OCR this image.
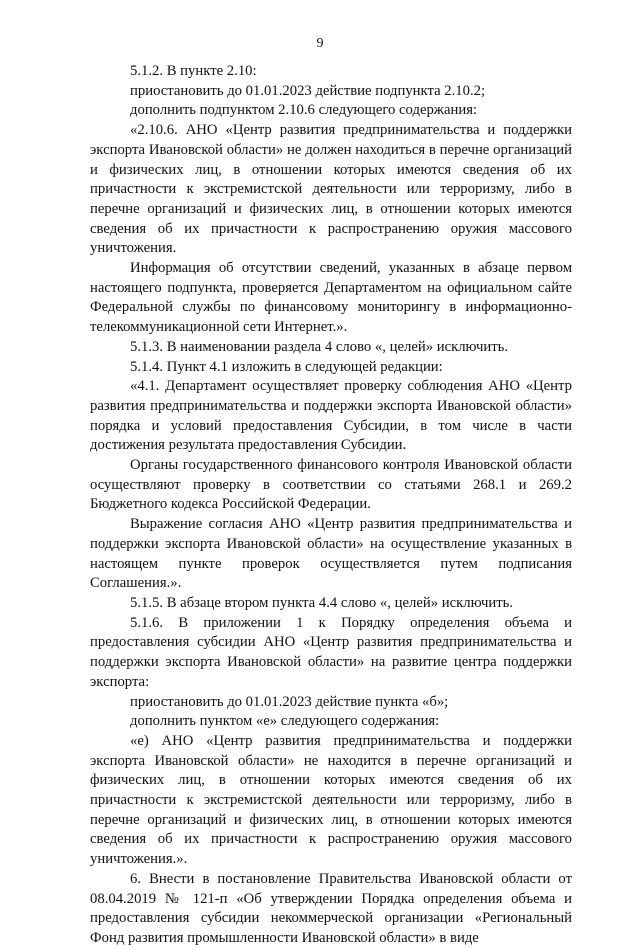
9

5.1.2. В пункте 2.10:

приостановить до 01.01.2023 действие подпункта 2.10.2;

дополнить подпунктом 2.10.6 следующего содержания:

«2.10.6. АНО «Центр развития предпринимательства и поддержки экспорта Ивановской области» не должен находиться в перечне организаций и физических лиц, в отношении которых имеются сведения об их причастности к экстремистской деятельности или терроризму, либо в перечне организаций и физических лиц, в отношении которых имеются сведения об их причастности к распространению оружия массового уничтожения.

Информация об отсутствии сведений, указанных в абзаце первом настоящего подпункта, проверяется Департаментом на официальном сайте Федеральной службы по финансовому мониторингу в информационно-телекоммуникационной сети Интернет.».

5.1.3. В наименовании раздела 4 слово «, целей» исключить.

5.1.4. Пункт 4.1 изложить в следующей редакции:

«4.1. Департамент осуществляет проверку соблюдения АНО «Центр развития предпринимательства и поддержки экспорта Ивановской области» порядка и условий предоставления Субсидии, в том числе в части достижения результата предоставления Субсидии.

Органы государственного финансового контроля Ивановской области осуществляют проверку в соответствии со статьями 268.1 и 269.2 Бюджетного кодекса Российской Федерации.

Выражение согласия АНО «Центр развития предпринимательства и поддержки экспорта Ивановской области» на осуществление указанных в настоящем пункте проверок осуществляется путем подписания Соглашения.».

5.1.5. В абзаце втором пункта 4.4 слово «, целей» исключить.

5.1.6. В приложении 1 к Порядку определения объема и предоставления субсидии АНО «Центр развития предпринимательства и поддержки экспорта Ивановской области» на развитие центра поддержки экспорта:

приостановить до 01.01.2023 действие пункта «б»;

дополнить пунктом «е» следующего содержания:

«е) АНО «Центр развития предпринимательства и поддержки экспорта Ивановской области» не находится в перечне организаций и физических лиц, в отношении которых имеются сведения об их причастности к экстремистской деятельности или терроризму, либо в перечне организаций и физических лиц, в отношении которых имеются сведения об их причастности к распространению оружия массового уничтожения.».

6. Внести в постановление Правительства Ивановской области от 08.04.2019 № 121-п «Об утверждении Порядка определения объема и предоставления субсидии некоммерческой организации «Региональный Фонд развития промышленности Ивановской области» в виде
